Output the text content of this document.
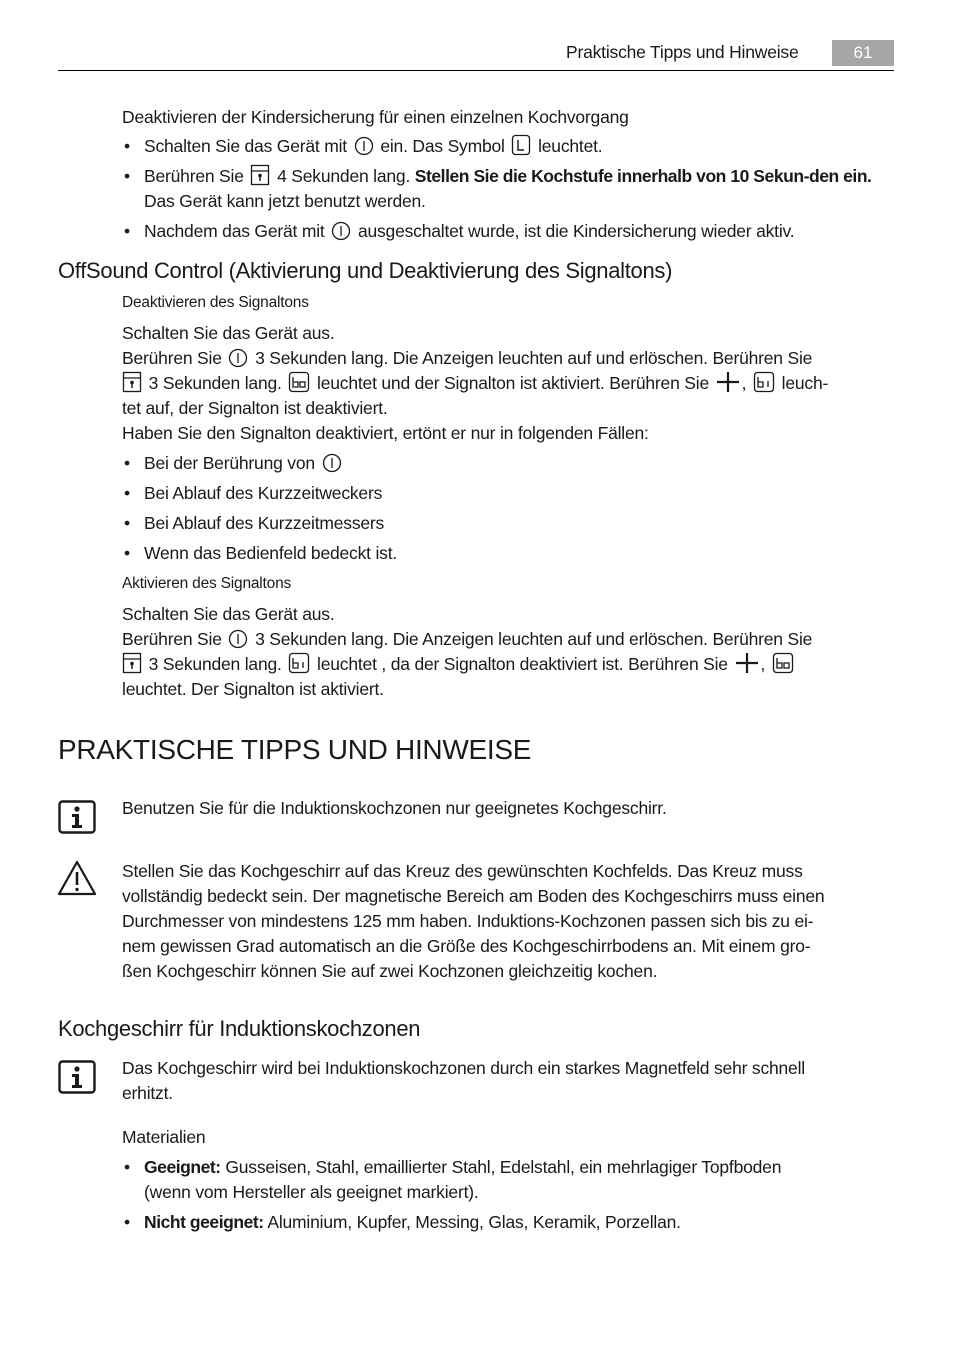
Praktische Tipps und Hinweise	61
Deaktivieren der Kindersicherung für einen einzelnen Kochvorgang
• Schalten Sie das Gerät mit ein. Das Symbol leuchtet.
• Berühren Sie 4 Sekunden lang. Stellen Sie die Kochstufe innerhalb von 10 Sekun-den ein. Das Gerät kann jetzt benutzt werden.
• Nachdem das Gerät mit ausgeschaltet wurde, ist die Kindersicherung wieder aktiv.
OffSound Control (Aktivierung und Deaktivierung des Signaltons)
Deaktivieren des Signaltons
Schalten Sie das Gerät aus.
Berühren Sie 3 Sekunden lang. Die Anzeigen leuchten auf und erlöschen. Berühren Sie
3 Sekunden lang. leuchtet und der Signalton ist aktiviert. Berühren Sie , leuch-
tet auf, der Signalton ist deaktiviert.
Haben Sie den Signalton deaktiviert, ertönt er nur in folgenden Fällen:
• Bei der Berührung von
• Bei Ablauf des Kurzzeitweckers
• Bei Ablauf des Kurzzeitmessers
• Wenn das Bedienfeld bedeckt ist.
Aktivieren des Signaltons
Schalten Sie das Gerät aus.
Berühren Sie 3 Sekunden lang. Die Anzeigen leuchten auf und erlöschen. Berühren Sie
3 Sekunden lang. leuchtet , da der Signalton deaktiviert ist. Berühren Sie ,
leuchtet. Der Signalton ist aktiviert.
PRAKTISCHE TIPPS UND HINWEISE
Benutzen Sie für die Induktionskochzonen nur geeignetes Kochgeschirr.
Stellen Sie das Kochgeschirr auf das Kreuz des gewünschten Kochfelds. Das Kreuz muss
vollständig bedeckt sein. Der magnetische Bereich am Boden des Kochgeschirrs muss einen
Durchmesser von mindestens 125 mm haben. Induktions-Kochzonen passen sich bis zu ei-
nem gewissen Grad automatisch an die Größe des Kochgeschirrbodens an. Mit einem gro-
ßen Kochgeschirr können Sie auf zwei Kochzonen gleichzeitig kochen.
Kochgeschirr für Induktionskochzonen
Das Kochgeschirr wird bei Induktionskochzonen durch ein starkes Magnetfeld sehr schnell
erhitzt.
Materialien
• Geeignet: Gusseisen, Stahl, emaillierter Stahl, Edelstahl, ein mehrlagiger Topfboden
(wenn vom Hersteller als geeignet markiert).
• Nicht geeignet: Aluminium, Kupfer, Messing, Glas, Keramik, Porzellan.
